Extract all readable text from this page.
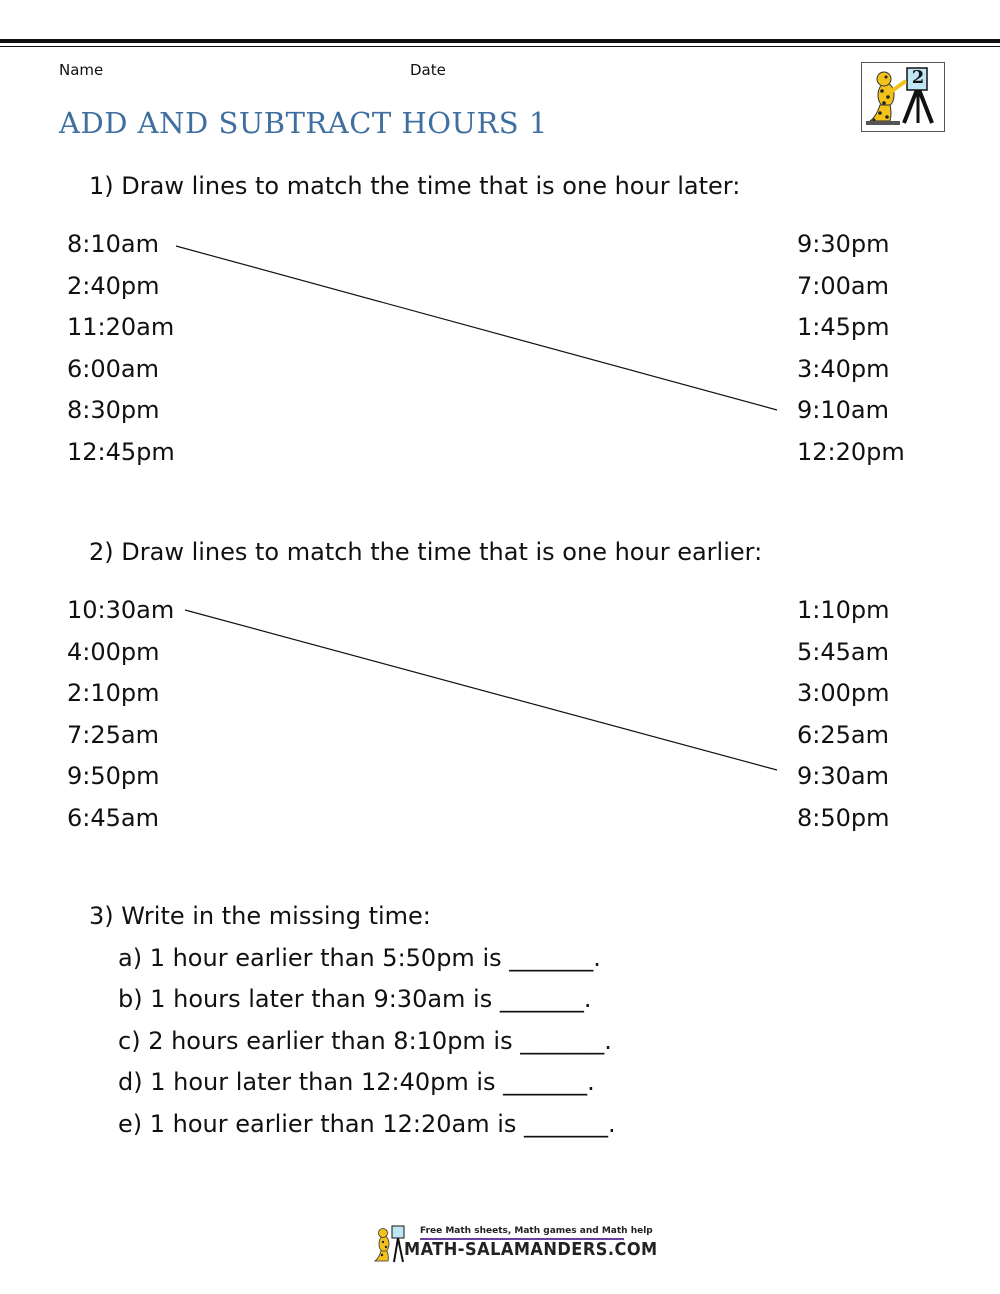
Name	Date	2
ADD AND SUBTRACT HOURS 1

1) Draw lines to match the time that is one hour later:

8:10am
2:40pm
11:20am
6:00am
8:30pm
12:45pm
9:30pm
7:00am
1:45pm
3:40pm
9:10am
12:20pm

2) Draw lines to match the time that is one hour earlier:

10:30am
4:00pm
2:10pm
7:25am
9:50pm
6:45am
1:10pm
5:45am
3:00pm
6:25am
9:30am
8:50pm

3) Write in the missing time:

a) 1 hour earlier than 5:50pm is _______.
b) 1 hours later than 9:30am is _______.
c) 2 hours earlier than 8:10pm is _______.
d) 1 hour later than 12:40pm is _______.
e) 1 hour earlier than 12:20am is _______.
Free Math sheets, Math games and Math help
MATH-SALAMANDERS.COM
